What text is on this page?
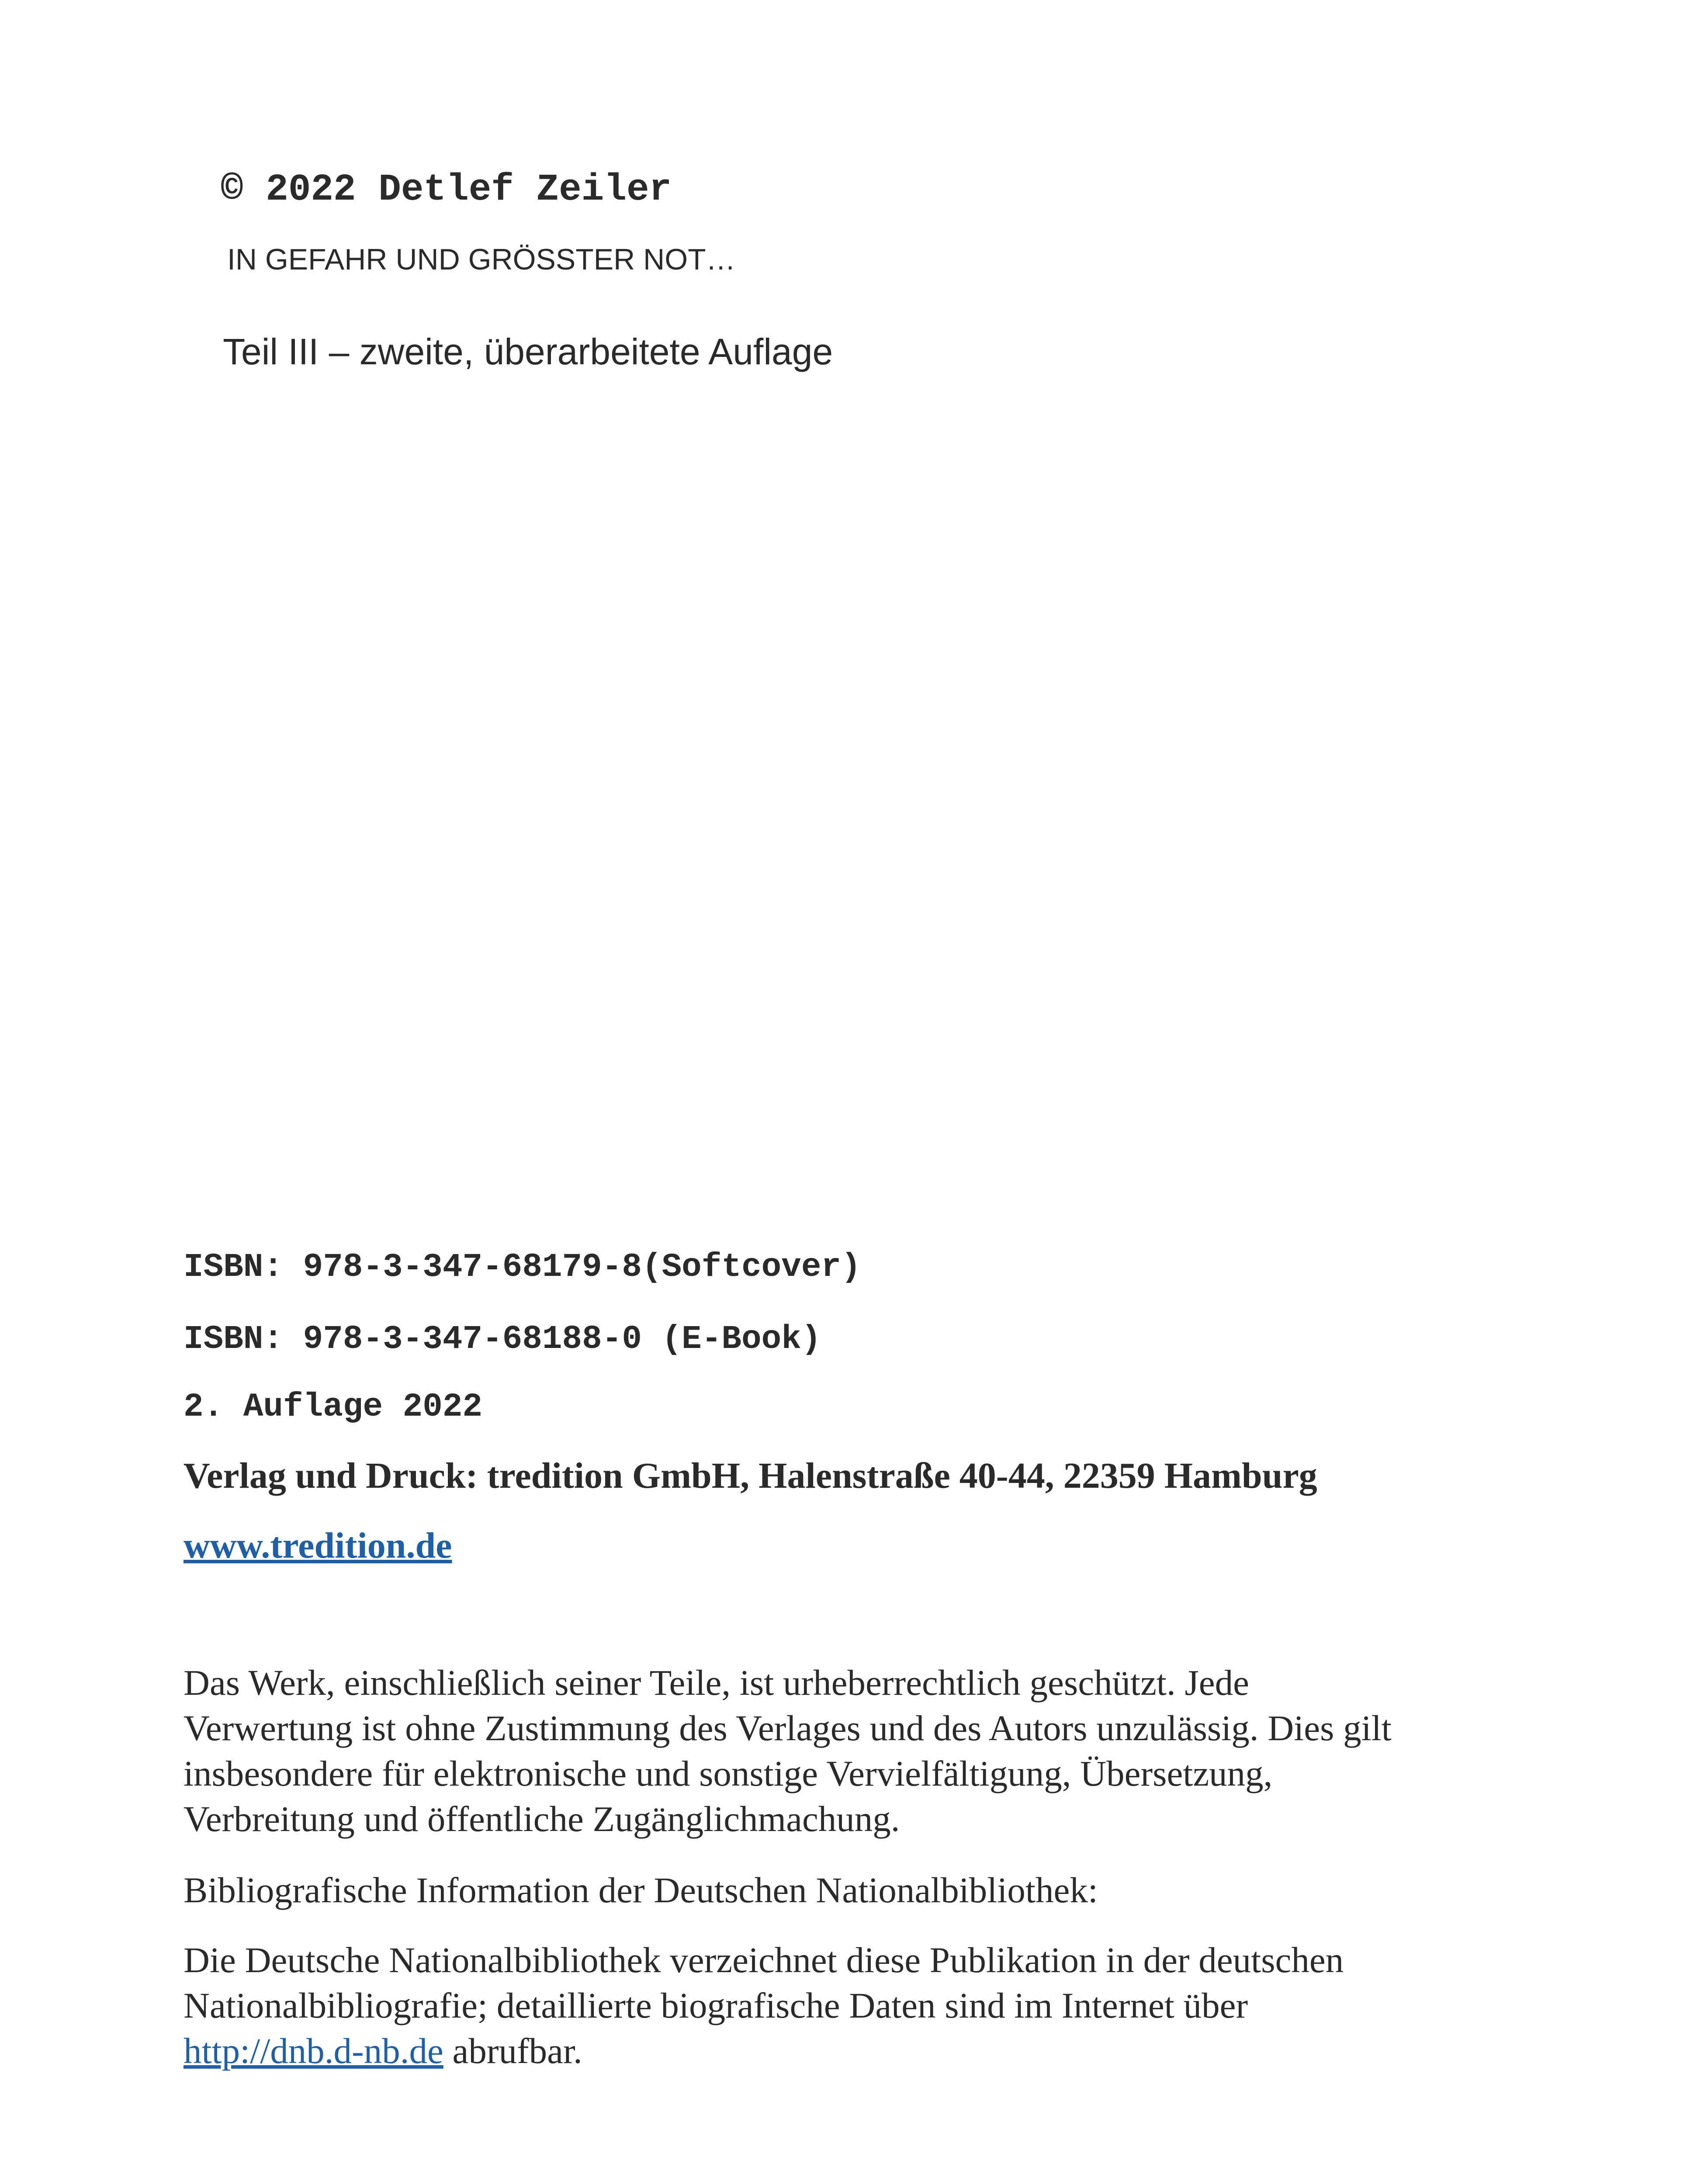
© 2022 Detlef Zeiler
IN GEFAHR UND GRÖSSTER NOT…
Teil III – zweite, überarbeitete Auflage
ISBN: 978-3-347-68179-8(Softcover)
ISBN: 978-3-347-68188-0 (E-Book)
2. Auflage 2022
Verlag und Druck: tredition GmbH, Halenstraße 40-44, 22359 Hamburg
www.tredition.de
Das Werk, einschließlich seiner Teile, ist urheberrechtlich geschützt. Jede Verwertung ist ohne Zustimmung des Verlages und des Autors unzulässig. Dies gilt insbesondere für elektronische und sonstige Vervielfältigung, Übersetzung, Verbreitung und öffentliche Zugänglichmachung.
Bibliografische Information der Deutschen Nationalbibliothek:
Die Deutsche Nationalbibliothek verzeichnet diese Publikation in der deutschen Nationalbibliografie; detaillierte biografische Daten sind im Internet über http://dnb.d-nb.de abrufbar.
